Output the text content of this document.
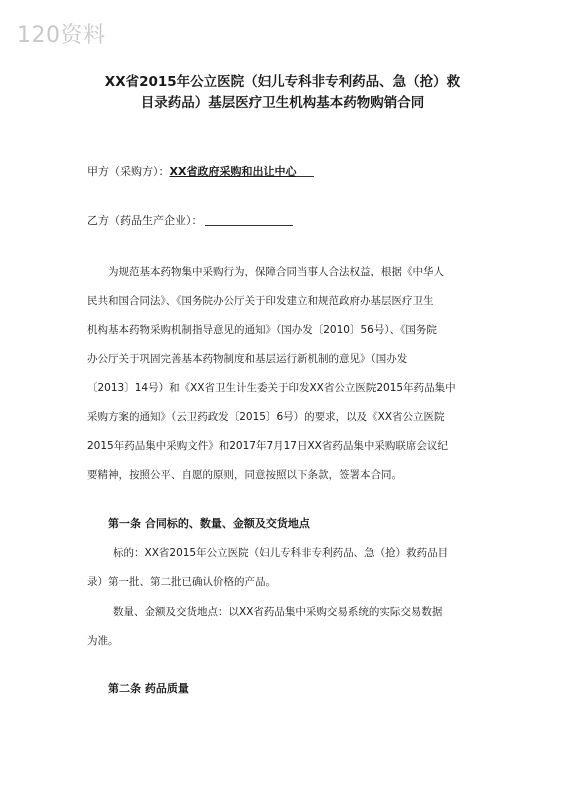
120资料
XX省2015年公立医院（妇儿专科非专利药品、急（抢）救
目录药品）基层医疗卫生机构基本药物购销合同
甲方（采购方）：XX省政府采购和出让中心
乙方（药品生产企业）：
为规范基本药物集中采购行为，保障合同当事人合法权益，根据《中华人
民共和国合同法》、《国务院办公厅关于印发建立和规范政府办基层医疗卫生
机构基本药物采购机制指导意见的通知》（国办发〔2010〕56号）、《国务院
办公厅关于巩固完善基本药物制度和基层运行新机制的意见》（国办发
〔2013〕14号）和《XX省卫生计生委关于印发XX省公立医院2015年药品集中
采购方案的通知》（云卫药政发〔2015〕6号）的要求，以及《XX省公立医院
2015年药品集中采购文件》和2017年7月17日XX省药品集中采购联席会议纪
要精神，按照公平、自愿的原则，同意按照以下条款，签署本合同。
第一条 合同标的、数量、金额及交货地点
标的：XX省2015年公立医院（妇儿专科非专利药品、急（抢）救药品目
录）第一批、第二批已确认价格的产品。
数量、金额及交货地点：以XX省药品集中采购交易系统的实际交易数据
为准。
第二条 药品质量
